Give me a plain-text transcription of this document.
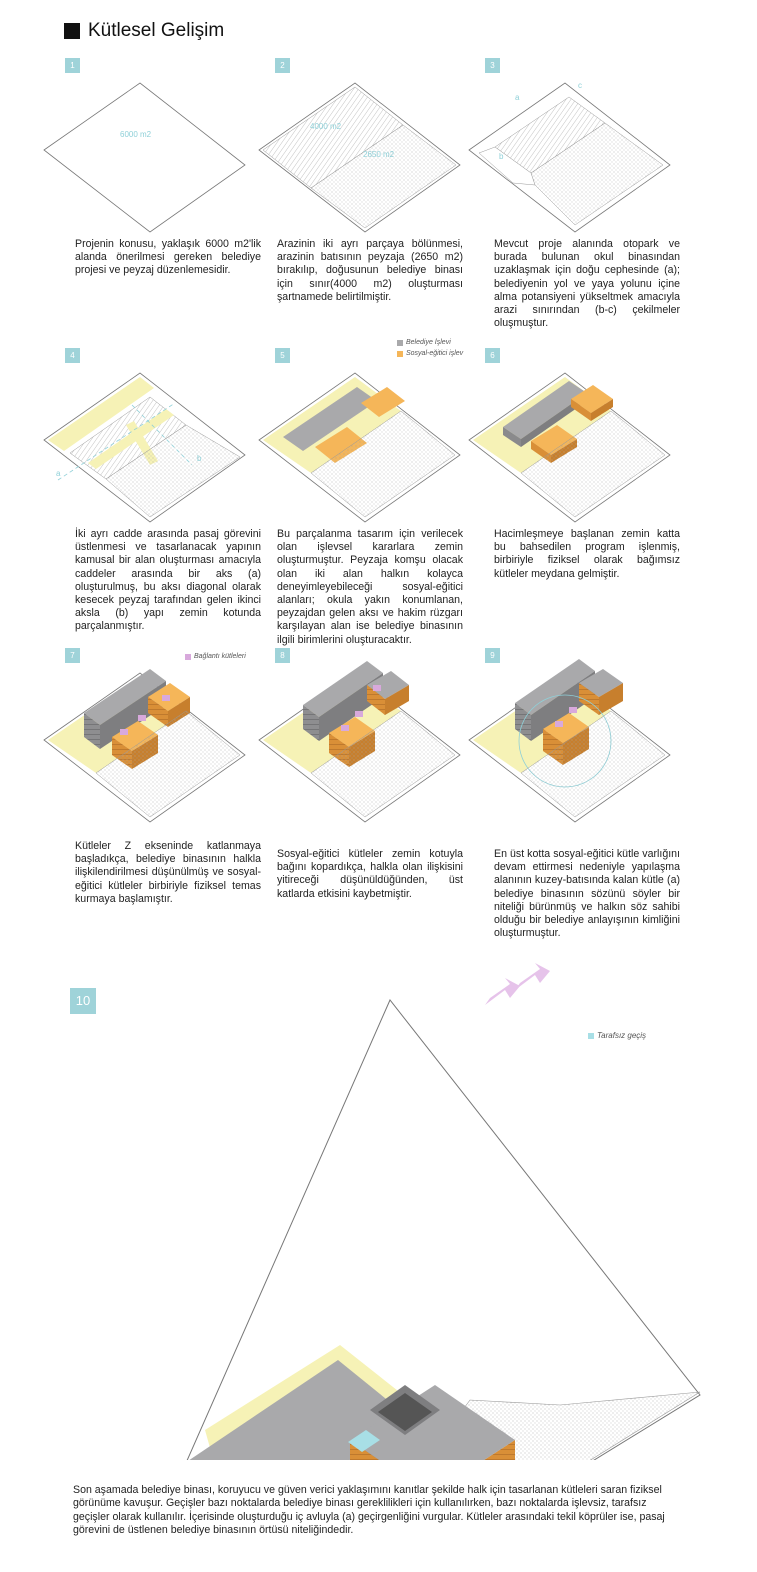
Kütlesel Gelişim
1
6000 m2
2
4000 m2
2650 m2
3
a
b
c
Projenin konusu, yaklaşık 6000 m2'lik alanda önerilmesi gereken belediye projesi ve peyzaj düzenlemesidir.
Arazinin iki ayrı parçaya bölünmesi, arazinin batısının peyzaja (2650 m2) bırakılıp, doğusunun belediye binası için sınır(4000 m2) oluşturması şartnamede belirtilmiştir.
Mevcut proje alanında otopark ve burada bulunan okul binasından uzaklaşmak için doğu cephesinde (a); belediyenin yol ve yaya yolunu içine alma potansiyeni yükseltmek amacıyla arazi sınırından (b-c) çekilmeler oluşmuştur.
4
a
b
5
Belediye İşlevi
Sosyal-eğitici işlev	6
İki ayrı cadde arasında pasaj görevini üstlenmesi ve tasarlanacak yapının kamusal bir alan oluşturması amacıyla caddeler arasında bir aks (a) oluşturulmuş, bu aksı diagonal olarak kesecek peyzaj tarafından gelen ikinci aksla (b) yapı zemin kotunda parçalanmıştır.
Bu parçalanma tasarım için verilecek olan işlevsel kararlara zemin oluşturmuştur. Peyzaja komşu olacak olan iki alan halkın kolayca deneyimleyebileceği sosyal-eğitici alanları; okula yakın konumlanan, peyzajdan gelen aksı ve hakim rüzgarı karşılayan alan ise belediye binasının ilgili birimlerini oluşturacaktır.
Hacimleşmeye başlanan zemin katta bu bahsedilen program işlenmiş, birbiriyle fiziksel olarak bağımsız kütleler meydana gelmiştir.
7	Bağlantı kütleleri	8	9
Kütleler Z ekseninde katlanmaya başladıkça, belediye binasının halkla ilişkilendirilmesi düşünülmüş ve sosyal-eğitici kütleler birbiriyle fiziksel temas kurmaya başlamıştır.
Sosyal-eğitici kütleler zemin kotuyla bağını kopardıkça, halkla olan ilişkisini yitireceği düşünüldüğünden, üst katlarda etkisini kaybetmiştir.
En üst kotta sosyal-eğitici kütle varlığını devam ettirmesi nedeniyle yapılaşma alanının kuzey-batısında kalan kütle (a) belediye binasının sözünü söyler bir niteliği bürünmüş ve halkın söz sahibi olduğu bir belediye anlayışının kimliğini oluşturmuştur.
10
Tarafsız geçiş
Son aşamada belediye binası, koruyucu ve güven verici yaklaşımını kanıtlar şekilde halk için tasarlanan kütleleri saran fiziksel görünüme kavuşur. Geçişler bazı noktalarda belediye binası gereklilikleri için kullanılırken, bazı noktalarda işlevsiz, tarafsız geçişler olarak kullanılır. İçerisinde oluşturduğu iç avluyla (a) geçirgenliğini vurgular. Kütleler arasındaki tekil köprüler ise, pasaj görevini de üstlenen belediye binasının örtüsü niteliğindedir.
